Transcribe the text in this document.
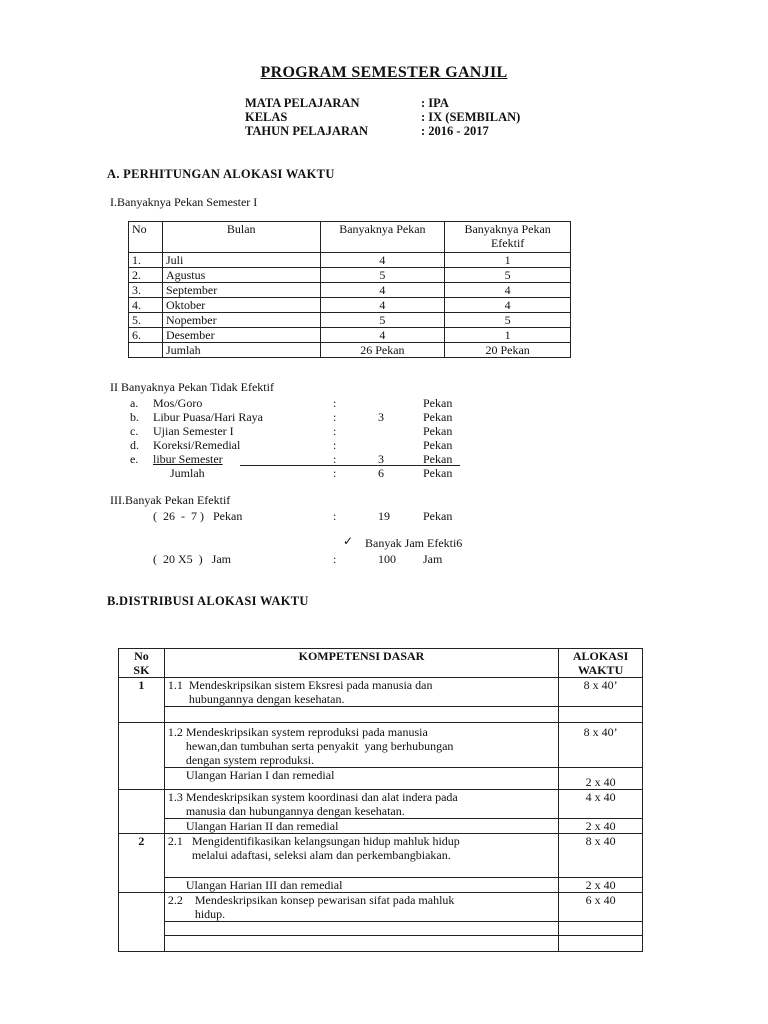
PROGRAM SEMESTER GANJIL
MATA PELAJARAN	: IPA
KELAS	: IX (SEMBILAN)
TAHUN PELAJARAN	: 2016 - 2017
A. PERHITUNGAN ALOKASI WAKTU
I.Banyaknya Pekan Semester I
No	Bulan	Banyaknya Pekan	Banyaknya Pekan
Efektif
1.	Juli	4	1
2.	Agustus	5	5
3.	September	4	4
4.	Oktober	4	4
5.	Nopember	5	5
6.	Desember	4	1
	Jumlah	26 Pekan	20 Pekan
II Banyaknya Pekan Tidak Efektif
a. Mos/Goro	:	Pekan
b. Libur Puasa/Hari Raya	:	3	Pekan
c. Ujian Semester I	:	Pekan
d. Koreksi/Remedial	:	Pekan
e. libur Semester	:	3	Pekan
Jumlah	:	6	Pekan
III.Banyak Pekan Efektif
(  26  -  7 )   Pekan	:	19	Pekan
✓ Banyak Jam Efekti6
(  20 X5  )   Jam	:	100 Jam
B.DISTRIBUSI ALOKASI WAKTU
No
SK	KOMPETENSI DASAR	ALOKASI
WAKTU
1	1.1  Mendeskripsikan sistem Eksresi pada manusia dan
hubungannya dengan kesehatan.	8 x 40’

	1.2 Mendeskripsikan system reproduksi pada manusia
hewan,dan tumbuhan serta penyakit  yang berhubungan
dengan system reproduksi.	8 x 40’
	Ulangan Harian I dan remedial	2 x 40
	1.3 Mendeskripsikan system koordinasi dan alat indera pada
manusia dan hubungannya dengan kesehatan.	4 x 40
	Ulangan Harian II dan remedial	2 x 40
2	2.1   Mengidentifikasikan kelangsungan hidup mahluk hidup
melalui adaftasi, seleksi alam dan perkembangbiakan.	8 x 40
	Ulangan Harian III dan remedial	2 x 40
	2.2    Mendeskripsikan konsep pewarisan sifat pada mahluk
hidup.	6 x 40
